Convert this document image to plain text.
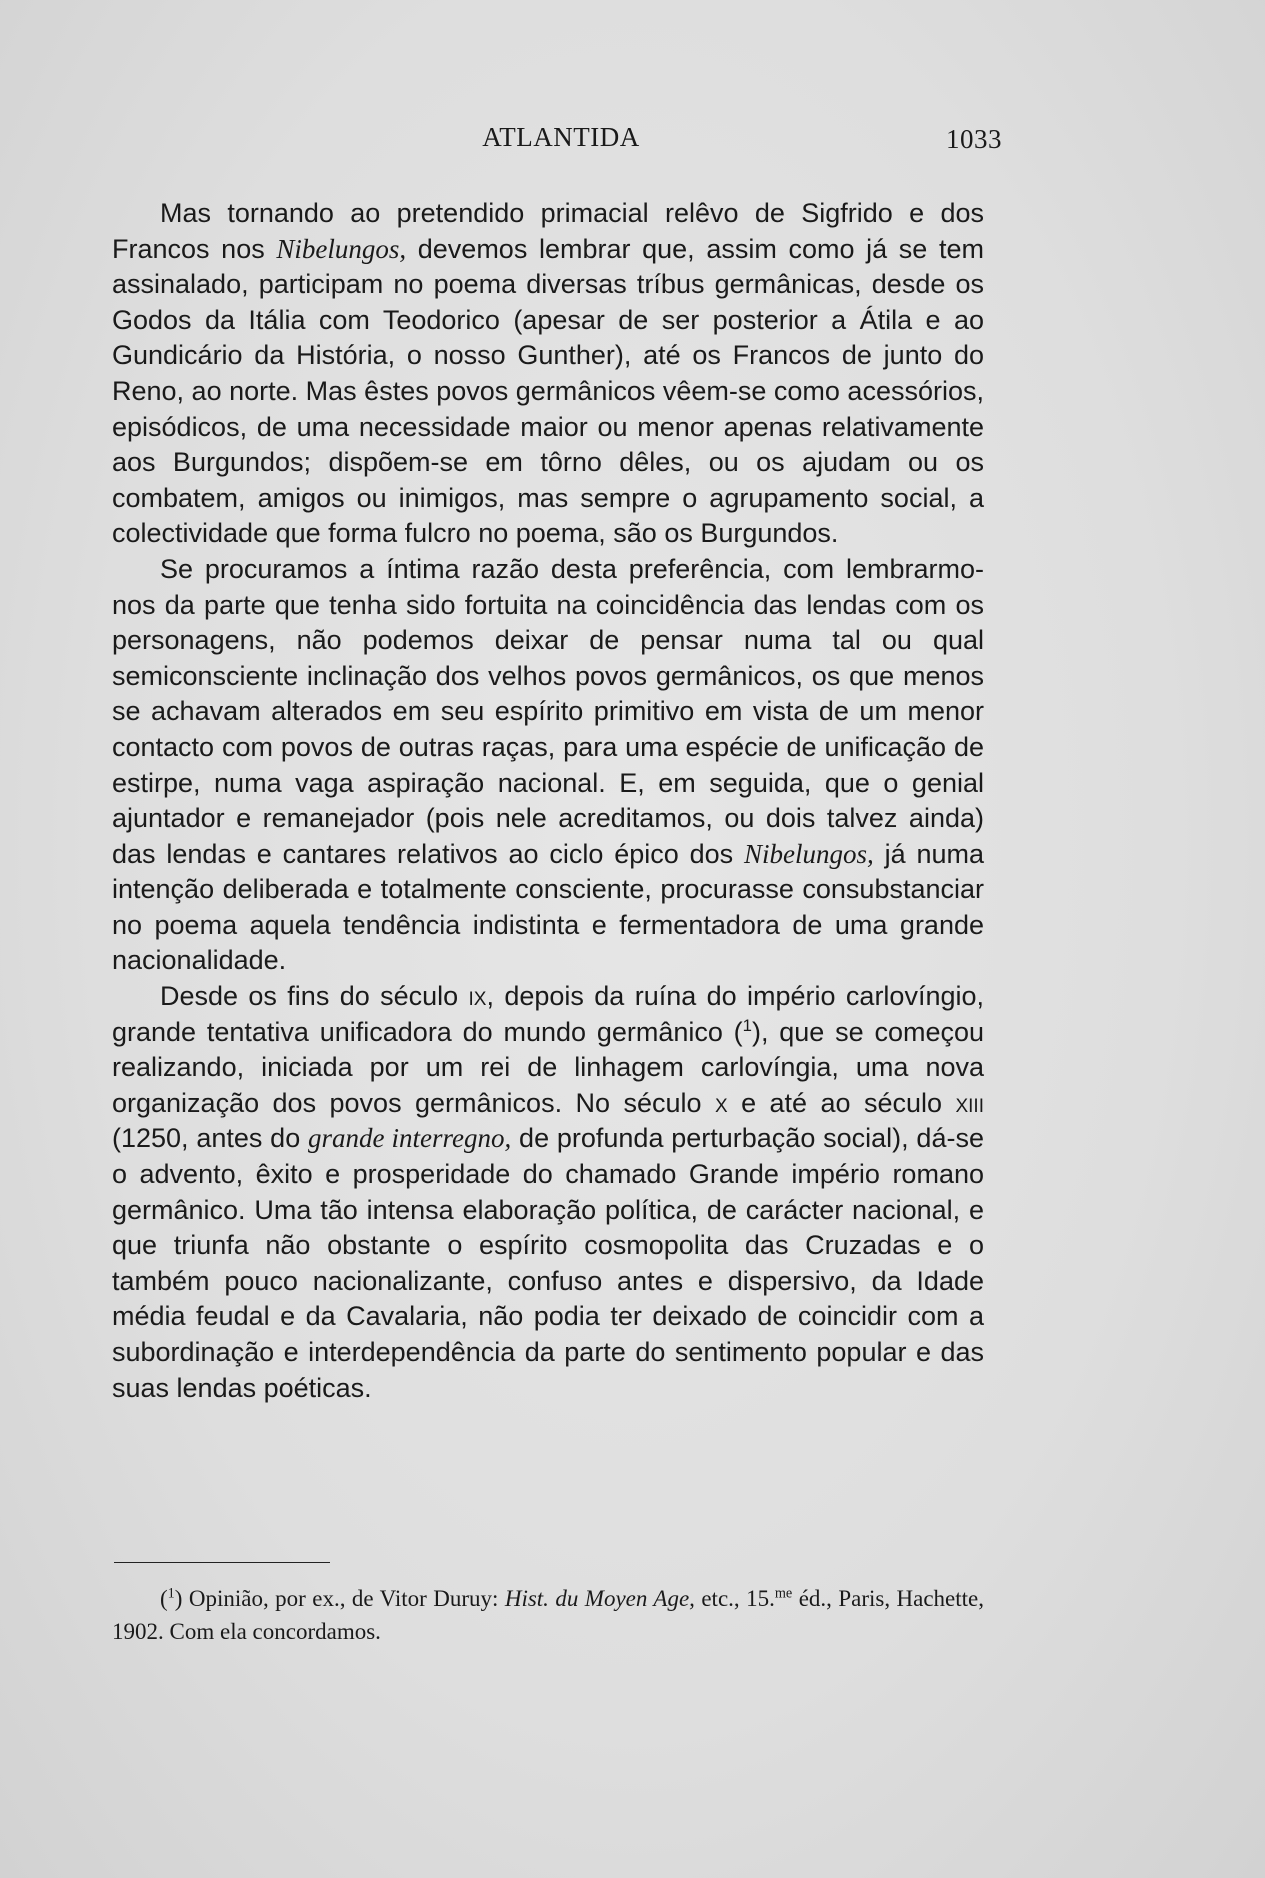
ATLANTIDA	1033

Mas tornando ao pretendido primacial relêvo de Sigfrido e dos Francos nos Nibelungos, devemos lembrar que, assim como já se tem assinalado, participam no poema diversas tríbus germânicas, desde os Godos da Itália com Teodorico (apesar de ser posterior a Átila e ao Gundicário da História, o nosso Gunther), até os Francos de junto do Reno, ao norte. Mas êstes povos germânicos vêem-se como acessórios, episódicos, de uma necessidade maior ou menor apenas relativamente aos Burgundos; dispõem-se em tôrno dêles, ou os ajudam ou os combatem, amigos ou inimigos, mas sempre o agrupamento social, a colectividade que forma fulcro no poema, são os Burgundos.

Se procuramos a íntima razão desta preferência, com lembrarmo-nos da parte que tenha sido fortuita na coincidência das lendas com os personagens, não podemos deixar de pensar numa tal ou qual semiconsciente inclinação dos velhos povos germânicos, os que menos se achavam alterados em seu espírito primitivo em vista de um menor contacto com povos de outras raças, para uma espécie de unificação de estirpe, numa vaga aspiração nacional. E, em seguida, que o genial ajuntador e remanejador (pois nele acreditamos, ou dois talvez ainda) das lendas e cantares relativos ao ciclo épico dos Nibelungos, já numa intenção deliberada e totalmente consciente, procurasse consubstanciar no poema aquela tendência indistinta e fermentadora de uma grande nacionalidade.

Desde os fins do século ix, depois da ruína do império carlovíngio, grande tentativa unificadora do mundo germânico ($^1$), que se começou realizando, iniciada por um rei de linhagem carlovíngia, uma nova organização dos povos germânicos. No século x e até ao século xiii (1250, antes do grande interregno, de profunda perturbação social), dá-se o advento, êxito e prosperidade do chamado Grande império romano germânico. Uma tão intensa elaboração política, de carácter nacional, e que triunfa não obstante o espírito cosmopolita das Cruzadas e o também pouco nacionalizante, confuso antes e dispersivo, da Idade média feudal e da Cavalaria, não podia ter deixado de coincidir com a subordinação e interdependência da parte do sentimento popular e das suas lendas poéticas.

($^1$) Opinião, por ex., de Vitor Duruy: Hist. du Moyen Age, etc., 15.$^{me}$ éd., Paris, Hachette, 1902. Com ela concordamos.
